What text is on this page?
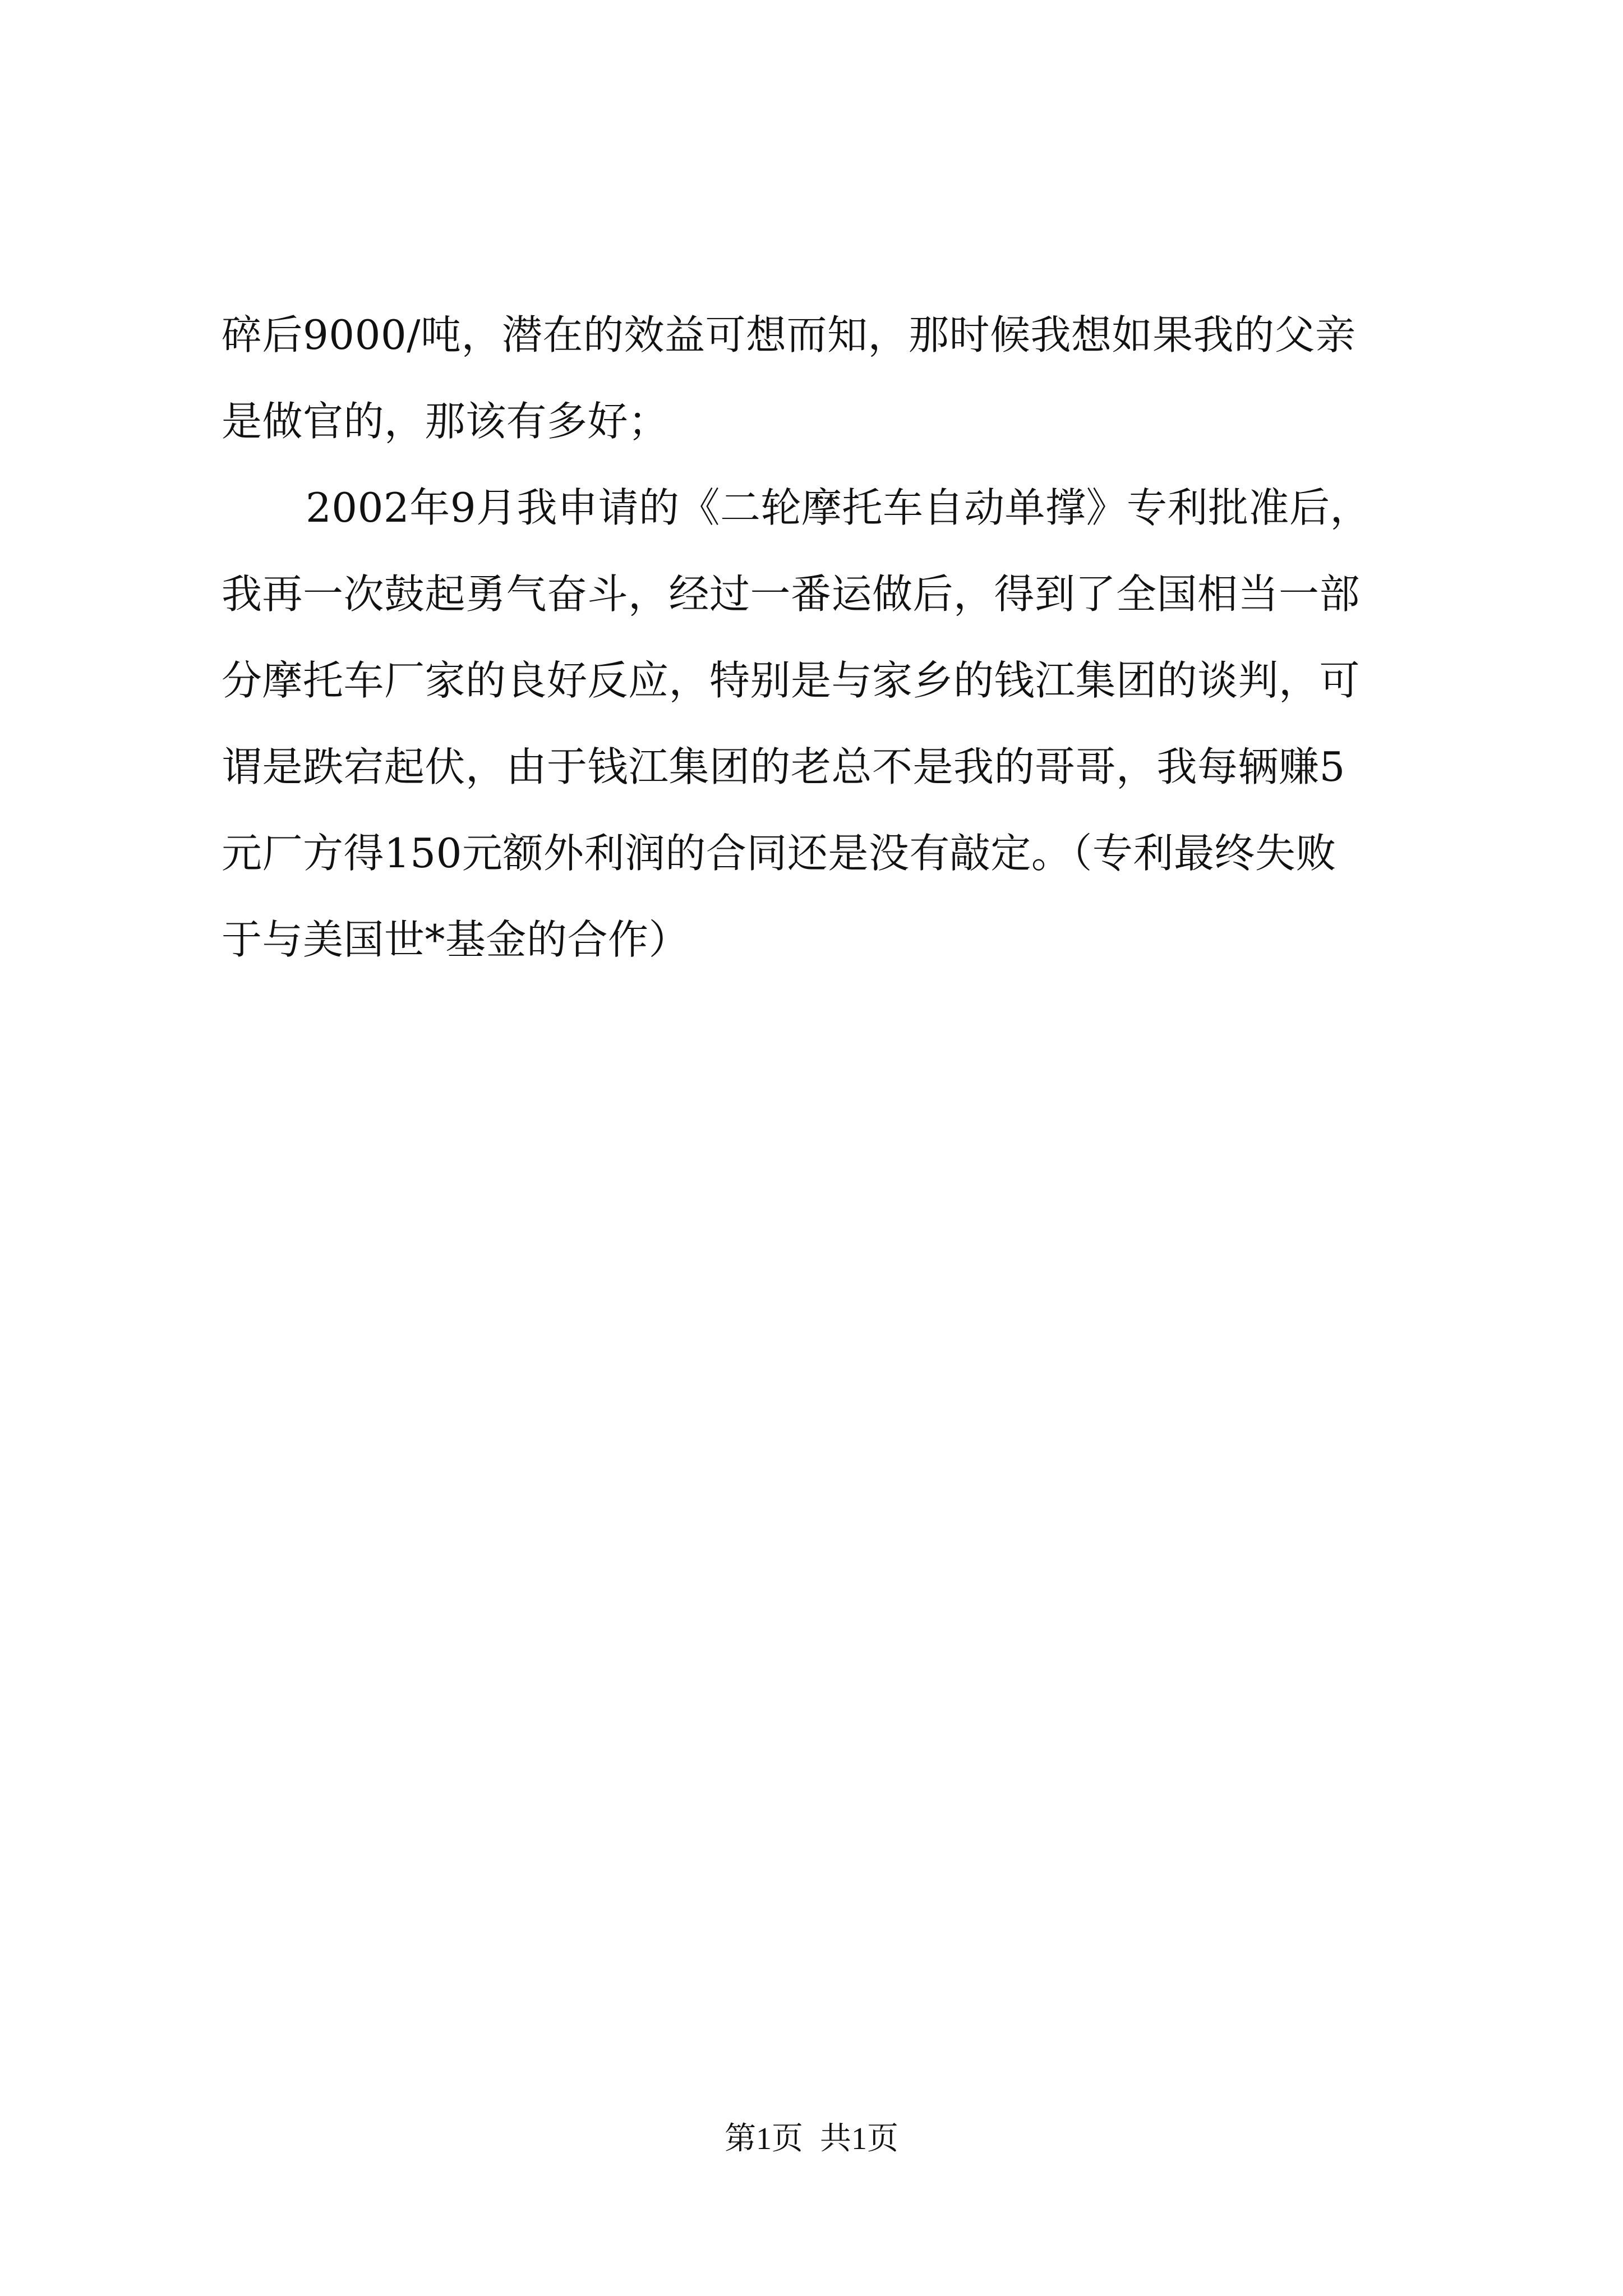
碎后9000/吨，潜在的效益可想而知，那时候我想如果我的父亲
是做官的，那该有多好；
2002年9月我申请的《二轮摩托车自动单撑》专利批准后，
我再一次鼓起勇气奋斗，经过一番运做后，得到了全国相当一部
分摩托车厂家的良好反应，特别是与家乡的钱江集团的谈判，可
谓是跌宕起伏，由于钱江集团的老总不是我的哥哥，我每辆赚5
元厂方得150元额外利润的合同还是没有敲定。（专利最终失败
于与美国世*基金的合作）
第1页 共1页
